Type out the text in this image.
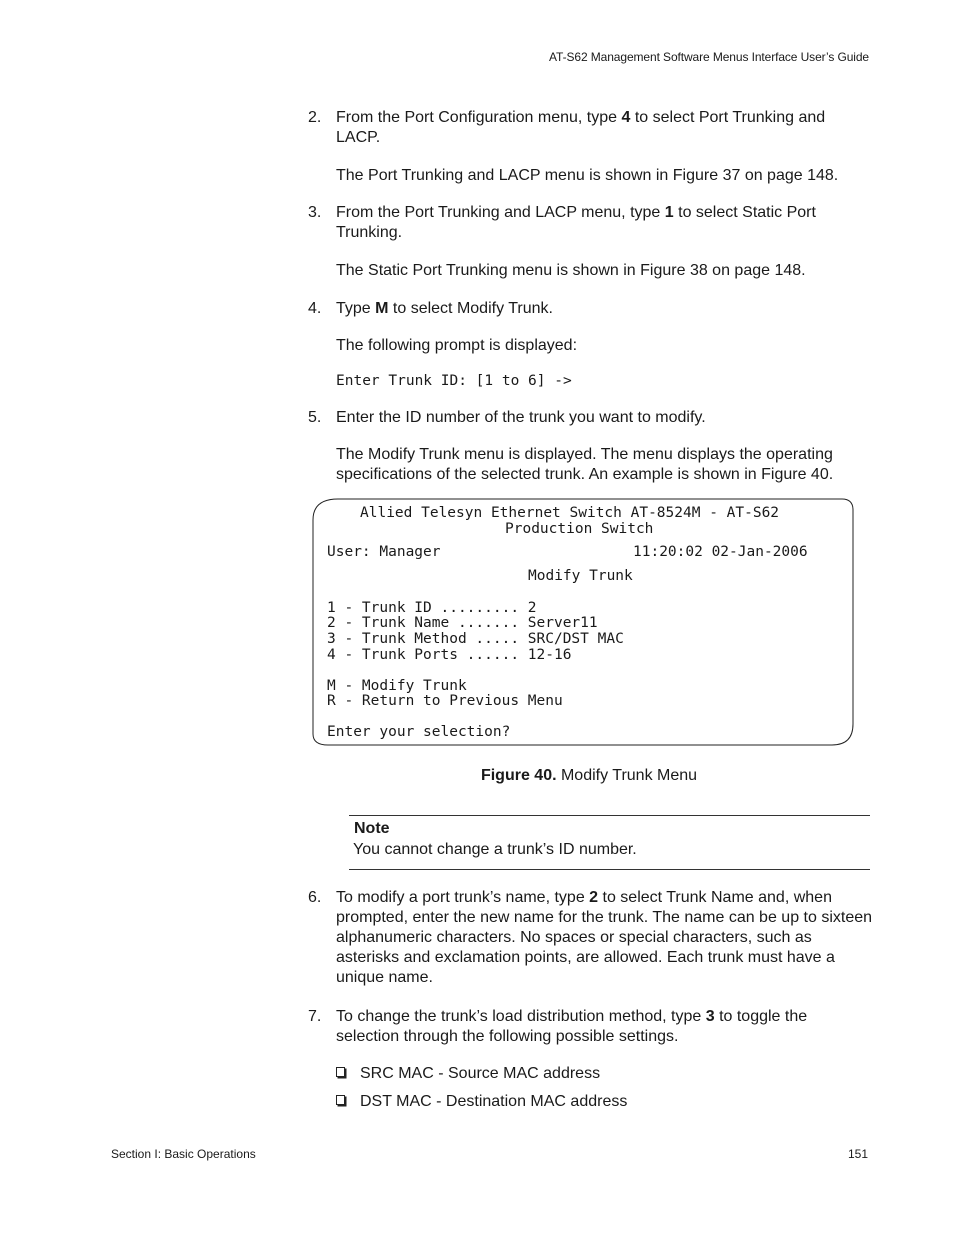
AT-S62 Management Software Menus Interface User’s Guide
2. From the Port Configuration menu, type 4 to select Port Trunking and LACP.
The Port Trunking and LACP menu is shown in Figure 37 on page 148.
3. From the Port Trunking and LACP menu, type 1 to select Static Port Trunking.
The Static Port Trunking menu is shown in Figure 38 on page 148.
4. Type M to select Modify Trunk.
The following prompt is displayed:
Enter Trunk ID: [1 to 6] ->
5. Enter the ID number of the trunk you want to modify.
The Modify Trunk menu is displayed. The menu displays the operating specifications of the selected trunk. An example is shown in Figure 40.
Allied Telesyn Ethernet Switch AT-8524M - AT-S62
Production Switch
User: Manager	11:20:02 02-Jan-2006
Modify Trunk
1 - Trunk ID ......... 2
2 - Trunk Name ....... Server11
3 - Trunk Method ..... SRC/DST MAC
4 - Trunk Ports ...... 12-16
M - Modify Trunk
R - Return to Previous Menu
Enter your selection?
Figure 40. Modify Trunk Menu
Note
You cannot change a trunk’s ID number.
6. To modify a port trunk’s name, type 2 to select Trunk Name and, when prompted, enter the new name for the trunk. The name can be up to sixteen alphanumeric characters. No spaces or special characters, such as asterisks and exclamation points, are allowed. Each trunk must have a unique name.
7. To change the trunk’s load distribution method, type 3 to toggle the selection through the following possible settings.
SRC MAC - Source MAC address
DST MAC - Destination MAC address
Section I: Basic Operations	151
